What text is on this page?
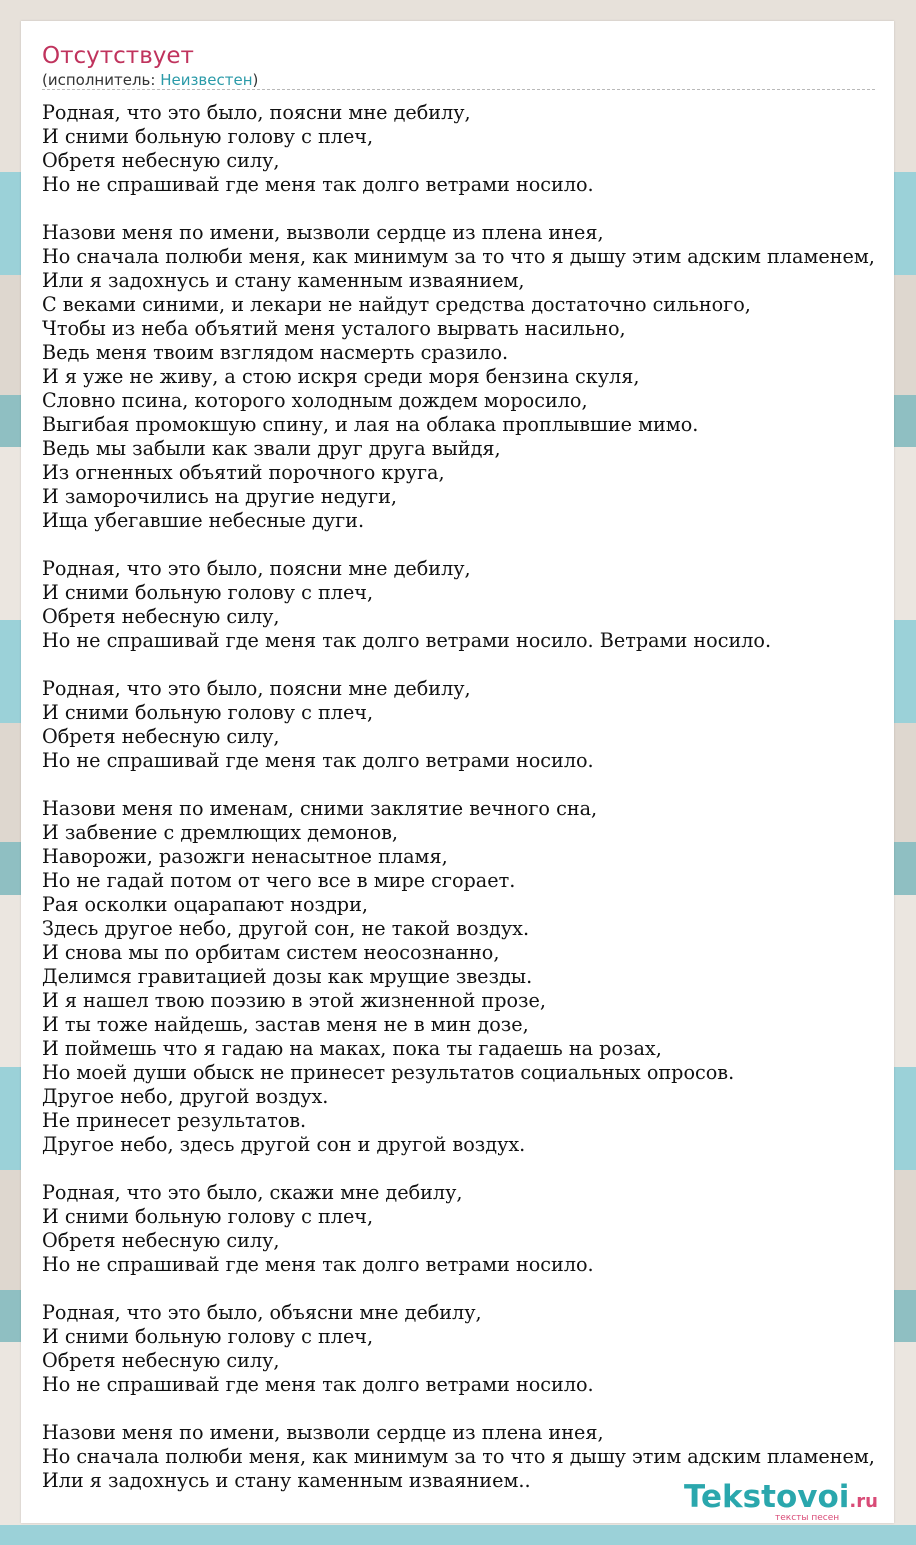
Отсутствует
(исполнитель: Неизвестен)
Родная, что это было, поясни мне дебилу,
И сними больную голову с плеч,
Обретя небесную силу,
Но не спрашивай где меня так долго ветрами носило.
Назови меня по имени, вызволи сердце из плена инея,
Но сначала полюби меня, как минимум за то что я дышу этим адским пламенем,
Или я задохнусь и стану каменным изваянием,
С веками синими, и лекари не найдут средства достаточно сильного,
Чтобы из неба объятий меня усталого вырвать насильно,
Ведь меня твоим взглядом насмерть сразило.
И я уже не живу, а стою искря среди моря бензина скуля,
Словно псина, которого холодным дождем моросило,
Выгибая промокшую спину, и лая на облака проплывшие мимо.
Ведь мы забыли как звали друг друга выйдя,
Из огненных объятий порочного круга,
И заморочились на другие недуги,
Ища убегавшие небесные дуги.
Родная, что это было, поясни мне дебилу,
И сними больную голову с плеч,
Обретя небесную силу,
Но не спрашивай где меня так долго ветрами носило. Ветрами носило.
Родная, что это было, поясни мне дебилу,
И сними больную голову с плеч,
Обретя небесную силу,
Но не спрашивай где меня так долго ветрами носило.
Назови меня по именам, сними заклятие вечного сна,
И забвение с дремлющих демонов,
Наворожи, разожги ненасытное пламя,
Но не гадай потом от чего все в мире сгорает.
Рая осколки оцарапают ноздри,
Здесь другое небо, другой сон, не такой воздух.
И снова мы по орбитам систем неосознанно,
Делимся гравитацией дозы как мрущие звезды.
И я нашел твою поэзию в этой жизненной прозе,
И ты тоже найдешь, застав меня не в мин дозе,
И поймешь что я гадаю на маках, пока ты гадаешь на розах,
Но моей души обыск не принесет результатов социальных опросов.
Другое небо, другой воздух.
Не принесет результатов.
Другое небо, здесь другой сон и другой воздух.
Родная, что это было, скажи мне дебилу,
И сними больную голову с плеч,
Обретя небесную силу,
Но не спрашивай где меня так долго ветрами носило.
Родная, что это было, объясни мне дебилу,
И сними больную голову с плеч,
Обретя небесную силу,
Но не спрашивай где меня так долго ветрами носило.
Назови меня по имени, вызволи сердце из плена инея,
Но сначала полюби меня, как минимум за то что я дышу этим адским пламенем,
Или я задохнусь и стану каменным изваянием..	Tekstovoi.ru
тексты песен
